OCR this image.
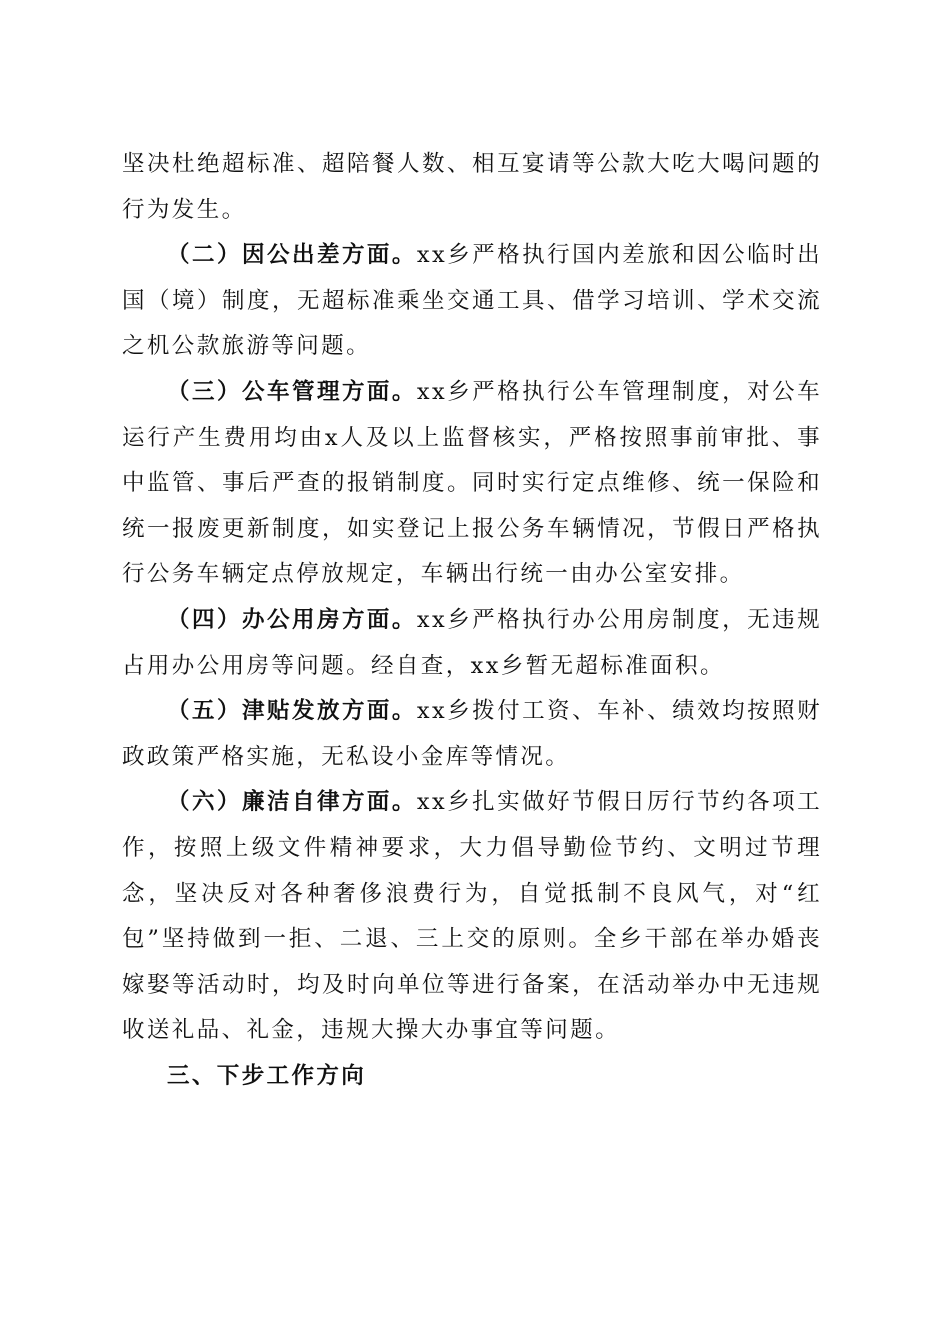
坚决杜绝超标准、超陪餐人数、相互宴请等公款大吃大喝问题的行为发生。

（二）因公出差方面。xx乡严格执行国内差旅和因公临时出国（境）制度，无超标准乘坐交通工具、借学习培训、学术交流之机公款旅游等问题。

（三）公车管理方面。xx乡严格执行公车管理制度，对公车运行产生费用均由x人及以上监督核实，严格按照事前审批、事中监管、事后严查的报销制度。同时实行定点维修、统一保险和统一报废更新制度，如实登记上报公务车辆情况，节假日严格执行公务车辆定点停放规定，车辆出行统一由办公室安排。

（四）办公用房方面。xx乡严格执行办公用房制度，无违规占用办公用房等问题。经自查，xx乡暂无超标准面积。

（五）津贴发放方面。xx乡拨付工资、车补、绩效均按照财政政策严格实施，无私设小金库等情况。

（六）廉洁自律方面。xx乡扎实做好节假日厉行节约各项工作，按照上级文件精神要求，大力倡导勤俭节约、文明过节理念，坚决反对各种奢侈浪费行为，自觉抵制不良风气，对“红包”坚持做到一拒、二退、三上交的原则。全乡干部在举办婚丧嫁娶等活动时，均及时向单位等进行备案，在活动举办中无违规收送礼品、礼金，违规大操大办事宜等问题。

三、下步工作方向
